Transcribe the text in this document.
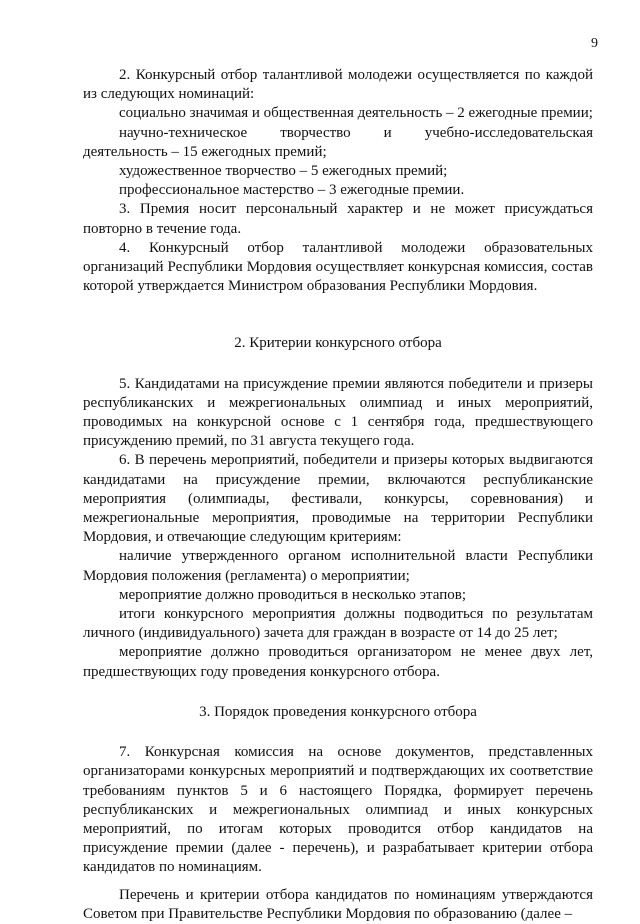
9

2. Конкурсный отбор талантливой молодежи осуществляется по каждой из следующих номинаций:

социально значимая и общественная деятельность – 2 ежегодные премии;

научно-техническое творчество и учебно-исследовательская деятельность – 15 ежегодных премий;

художественное творчество – 5 ежегодных премий;

профессиональное мастерство – 3 ежегодные премии.

3. Премия носит персональный характер и не может присуждаться повторно в течение года.

4. Конкурсный отбор талантливой молодежи образовательных организаций Республики Мордовия осуществляет конкурсная комиссия, состав которой утверждается Министром образования Республики Мордовия.

2. Критерии конкурсного отбора

5. Кандидатами на присуждение премии являются победители и призеры республиканских и межрегиональных олимпиад и иных мероприятий, проводимых на конкурсной основе с 1 сентября года, предшествующего присуждению премий, по 31 августа текущего года.

6. В перечень мероприятий, победители и призеры которых выдвигаются кандидатами на присуждение премии, включаются республиканские мероприятия (олимпиады, фестивали, конкурсы, соревнования) и межрегиональные мероприятия, проводимые на территории Республики Мордовия, и отвечающие следующим критериям:

наличие утвержденного органом исполнительной власти Республики Мордовия положения (регламента) о мероприятии;

мероприятие должно проводиться в несколько этапов;

итоги конкурсного мероприятия должны подводиться по результатам личного (индивидуального) зачета для граждан в возрасте от 14 до 25 лет;

мероприятие должно проводиться организатором не менее двух лет, предшествующих году проведения конкурсного отбора.

3. Порядок проведения конкурсного отбора

7. Конкурсная комиссия на основе документов, представленных организаторами конкурсных мероприятий и подтверждающих их соответствие требованиям пунктов 5 и 6 настоящего Порядка, формирует перечень республиканских и межрегиональных олимпиад и иных конкурсных мероприятий, по итогам которых проводится отбор кандидатов на присуждение премии (далее - перечень), и разрабатывает критерии отбора кандидатов по номинациям.

Перечень и критерии отбора кандидатов по номинациям утверждаются Советом при Правительстве Республики Мордовия по образованию (далее –
